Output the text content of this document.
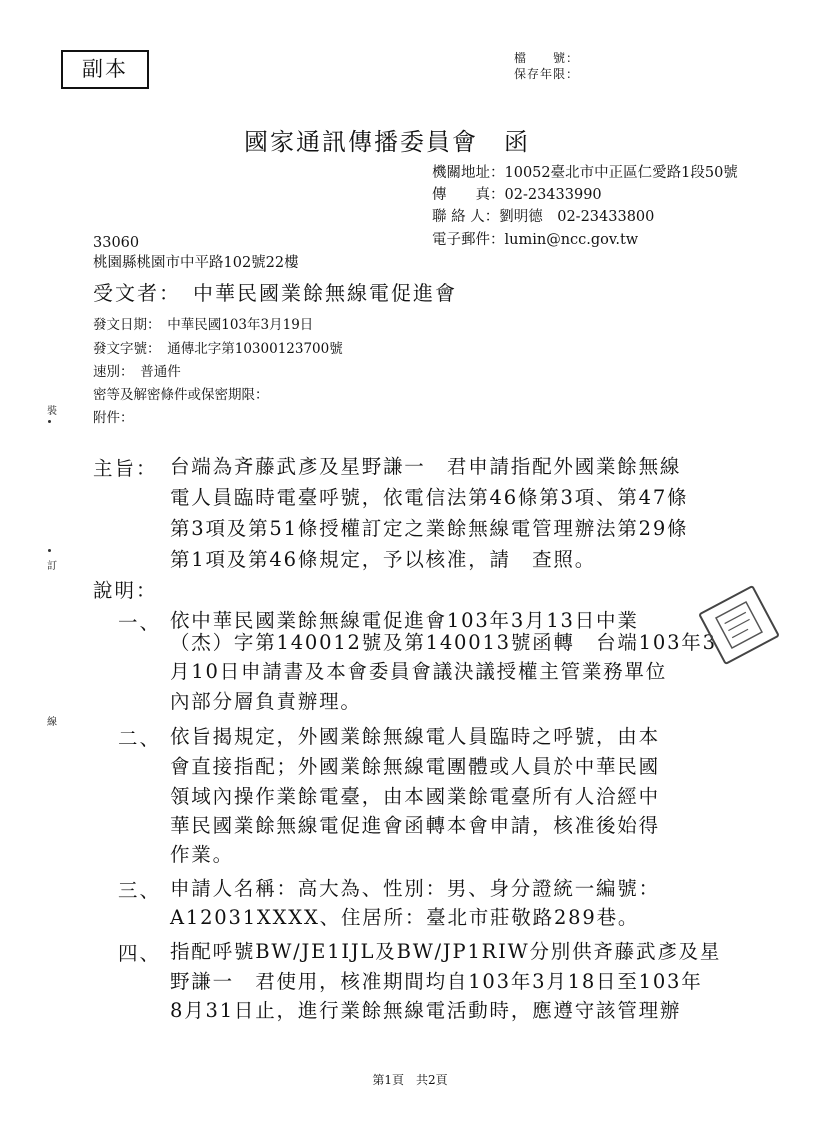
副本	檔　　號：
保存年限：
國家通訊傳播委員會　函
機關地址：10052臺北市中正區仁愛路1段50號
傳　　真：02-23433990
聯 絡 人：劉明德　02-23433800
電子郵件：lumin@ncc.gov.tw
33060
桃園縣桃園市中平路102號22樓
受文者：　中華民國業餘無線電促進會
發文日期：　中華民國103年3月19日
發文字號：　通傳北字第10300123700號
速別：　普通件
密等及解密條件或保密期限：
附件：
主旨： 台端為斉藤武彥及星野謙一　君申請指配外國業餘無線
電人員臨時電臺呼號，依電信法第46條第3項、第47條
第3項及第51條授權訂定之業餘無線電管理辦法第29條
第1項及第46條規定，予以核准，請　查照。
說明：
一、 依中華民國業餘無線電促進會103年3月13日中業
（杰）字第140012號及第140013號函轉　台端103年3
月10日申請書及本會委員會議決議授權主管業務單位
內部分層負責辦理。
二、 依旨揭規定，外國業餘無線電人員臨時之呼號，由本
會直接指配；外國業餘無線電團體或人員於中華民國
領域內操作業餘電臺，由本國業餘電臺所有人洽經中
華民國業餘無線電促進會函轉本會申請，核准後始得
作業。
三、 申請人名稱：高大為、性別：男、身分證統一編號：
A12031XXXX、住居所：臺北市莊敬路289巷。
四、 指配呼號BW/JE1IJL及BW/JP1RIW分別供斉藤武彥及星
野謙一　君使用，核准期間均自103年3月18日至103年
8月31日止，進行業餘無線電活動時，應遵守該管理辦
裝
訂
線
第1頁　共2頁
